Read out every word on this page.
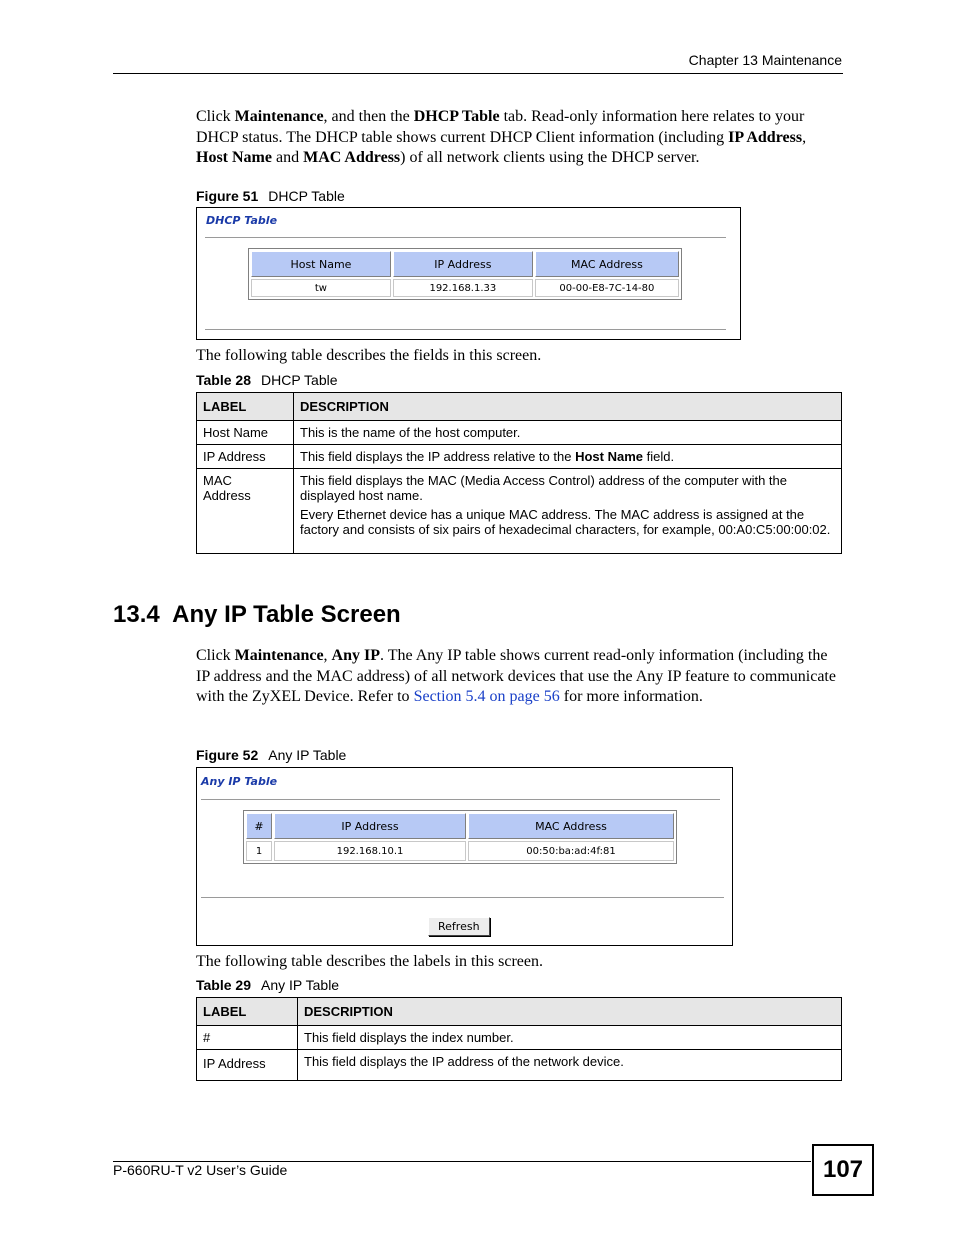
Chapter 13 Maintenance
Click Maintenance, and then the DHCP Table tab. Read-only information here relates to your DHCP status. The DHCP table shows current DHCP Client information (including IP Address, Host Name and MAC Address) of all network clients using the DHCP server.
Figure 51 DHCP Table
DHCP Table
Host Name	IP Address	MAC Address
tw	192.168.1.33	00-00-E8-7C-14-80
The following table describes the fields in this screen.
Table 28 DHCP Table
LABEL	DESCRIPTION
Host Name	This is the name of the host computer.
IP Address	This field displays the IP address relative to the Host Name field.

MAC Address	This field displays the MAC (Media Access Control) address of the computer with the displayed host name.

Every Ethernet device has a unique MAC address. The MAC address is assigned at the factory and consists of six pairs of hexadecimal characters, for example, 00:A0:C5:00:00:02.

13.4  Any IP Table Screen
Click Maintenance, Any IP. The Any IP table shows current read-only information (including the IP address and the MAC address) of all network devices that use the Any IP feature to communicate with the ZyXEL Device. Refer to Section 5.4 on page 56 for more information.
Figure 52 Any IP Table
Any IP Table
#	IP Address	MAC Address
1	192.168.10.1	00:50:ba:ad:4f:81
Refresh
The following table describes the labels in this screen.
Table 29 Any IP Table
LABEL	DESCRIPTION
#	This field displays the index number.
IP Address	This field displays the IP address of the network device.
P-660RU-T v2 User’s Guide	107
